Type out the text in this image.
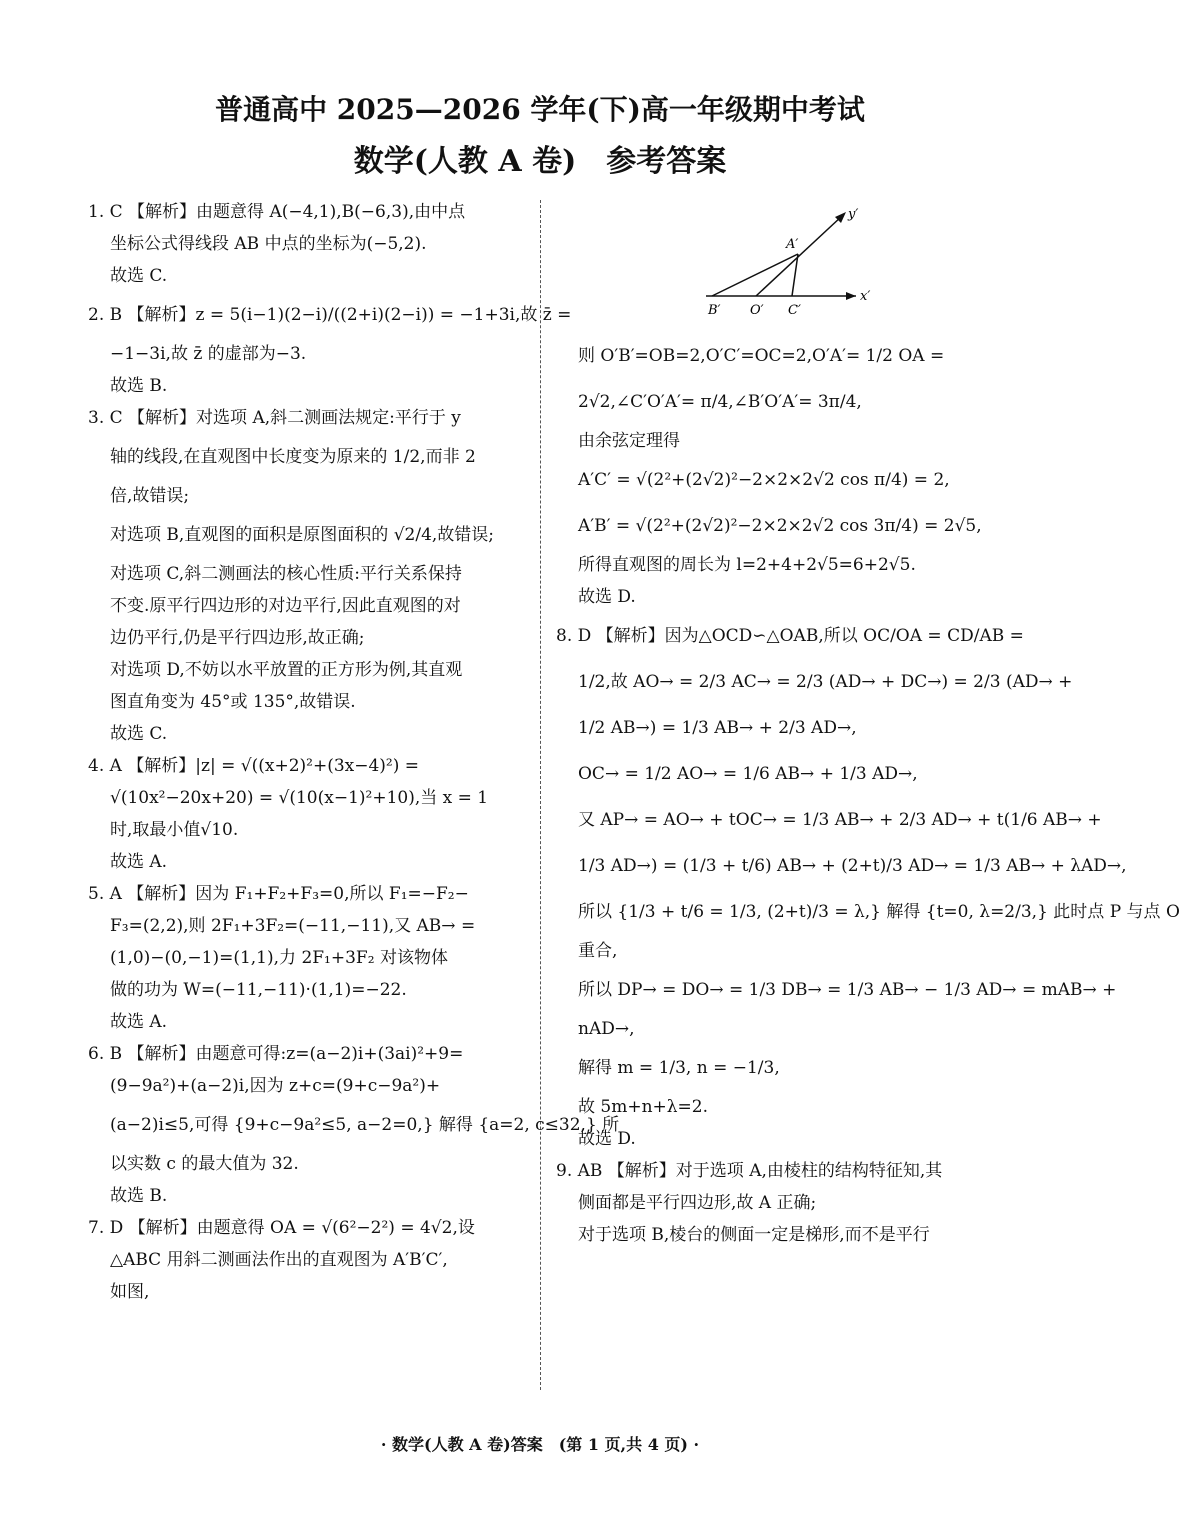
普通高中 2025—2026 学年(下)高一年级期中考试
数学(人教 A 卷)　参考答案
1. C 【解析】由题意得 A(−4,1),B(−6,3),由中点
坐标公式得线段 AB 中点的坐标为(−5,2).
故选 C.
2. B 【解析】z = 5(i−1)(2−i)/((2+i)(2−i)) = −1+3i,故 z̄ =
−1−3i,故 z̄ 的虚部为−3.
故选 B.
3. C 【解析】对选项 A,斜二测画法规定:平行于 y
轴的线段,在直观图中长度变为原来的 1/2,而非 2
倍,故错误;
对选项 B,直观图的面积是原图面积的 √2/4,故错误;
对选项 C,斜二测画法的核心性质:平行关系保持
不变.原平行四边形的对边平行,因此直观图的对
边仍平行,仍是平行四边形,故正确;
对选项 D,不妨以水平放置的正方形为例,其直观
图直角变为 45°或 135°,故错误.
故选 C.
4. A 【解析】|z| = √((x+2)²+(3x−4)²) =
√(10x²−20x+20) = √(10(x−1)²+10),当 x = 1
时,取最小值√10.
故选 A.
5. A 【解析】因为 F₁+F₂+F₃=0,所以 F₁=−F₂−
F₃=(2,2),则 2F₁+3F₂=(−11,−11),又 AB→ =
(1,0)−(0,−1)=(1,1),力 2F₁+3F₂ 对该物体
做的功为 W=(−11,−11)·(1,1)=−22.
故选 A.
6. B 【解析】由题意可得:z=(a−2)i+(3ai)²+9=
(9−9a²)+(a−2)i,因为 z+c=(9+c−9a²)+
(a−2)i≤5,可得 {9+c−9a²≤5, a−2=0,} 解得 {a=2, c≤32,} 所
以实数 c 的最大值为 32.
故选 B.
7. D 【解析】由题意得 OA = √(6²−2²) = 4√2,设
△ABC 用斜二测画法作出的直观图为 A′B′C′,
如图,
y′
A′
B′ O′ C′
x′
则 O′B′=OB=2,O′C′=OC=2,O′A′= 1/2 OA =
2√2,∠C′O′A′= π/4,∠B′O′A′= 3π/4,
由余弦定理得
A′C′ = √(2²+(2√2)²−2×2×2√2 cos π/4) = 2,
A′B′ = √(2²+(2√2)²−2×2×2√2 cos 3π/4) = 2√5,
所得直观图的周长为 l=2+4+2√5=6+2√5.
故选 D.
8. D 【解析】因为△OCD∽△OAB,所以 OC/OA = CD/AB =
1/2,故 AO→ = 2/3 AC→ = 2/3 (AD→ + DC→) = 2/3 (AD→ +
1/2 AB→) = 1/3 AB→ + 2/3 AD→,
OC→ = 1/2 AO→ = 1/6 AB→ + 1/3 AD→,
又 AP→ = AO→ + tOC→ = 1/3 AB→ + 2/3 AD→ + t(1/6 AB→ +
1/3 AD→) = (1/3 + t/6) AB→ + (2+t)/3 AD→ = 1/3 AB→ + λAD→,
所以 {1/3 + t/6 = 1/3, (2+t)/3 = λ,} 解得 {t=0, λ=2/3,} 此时点 P 与点 O
重合,
所以 DP→ = DO→ = 1/3 DB→ = 1/3 AB→ − 1/3 AD→ = mAB→ +
nAD→,
解得 m = 1/3, n = −1/3,
故 5m+n+λ=2.
故选 D.
9. AB 【解析】对于选项 A,由棱柱的结构特征知,其
侧面都是平行四边形,故 A 正确;
对于选项 B,棱台的侧面一定是梯形,而不是平行
· 数学(人教 A 卷)答案　(第 1 页,共 4 页) ·
